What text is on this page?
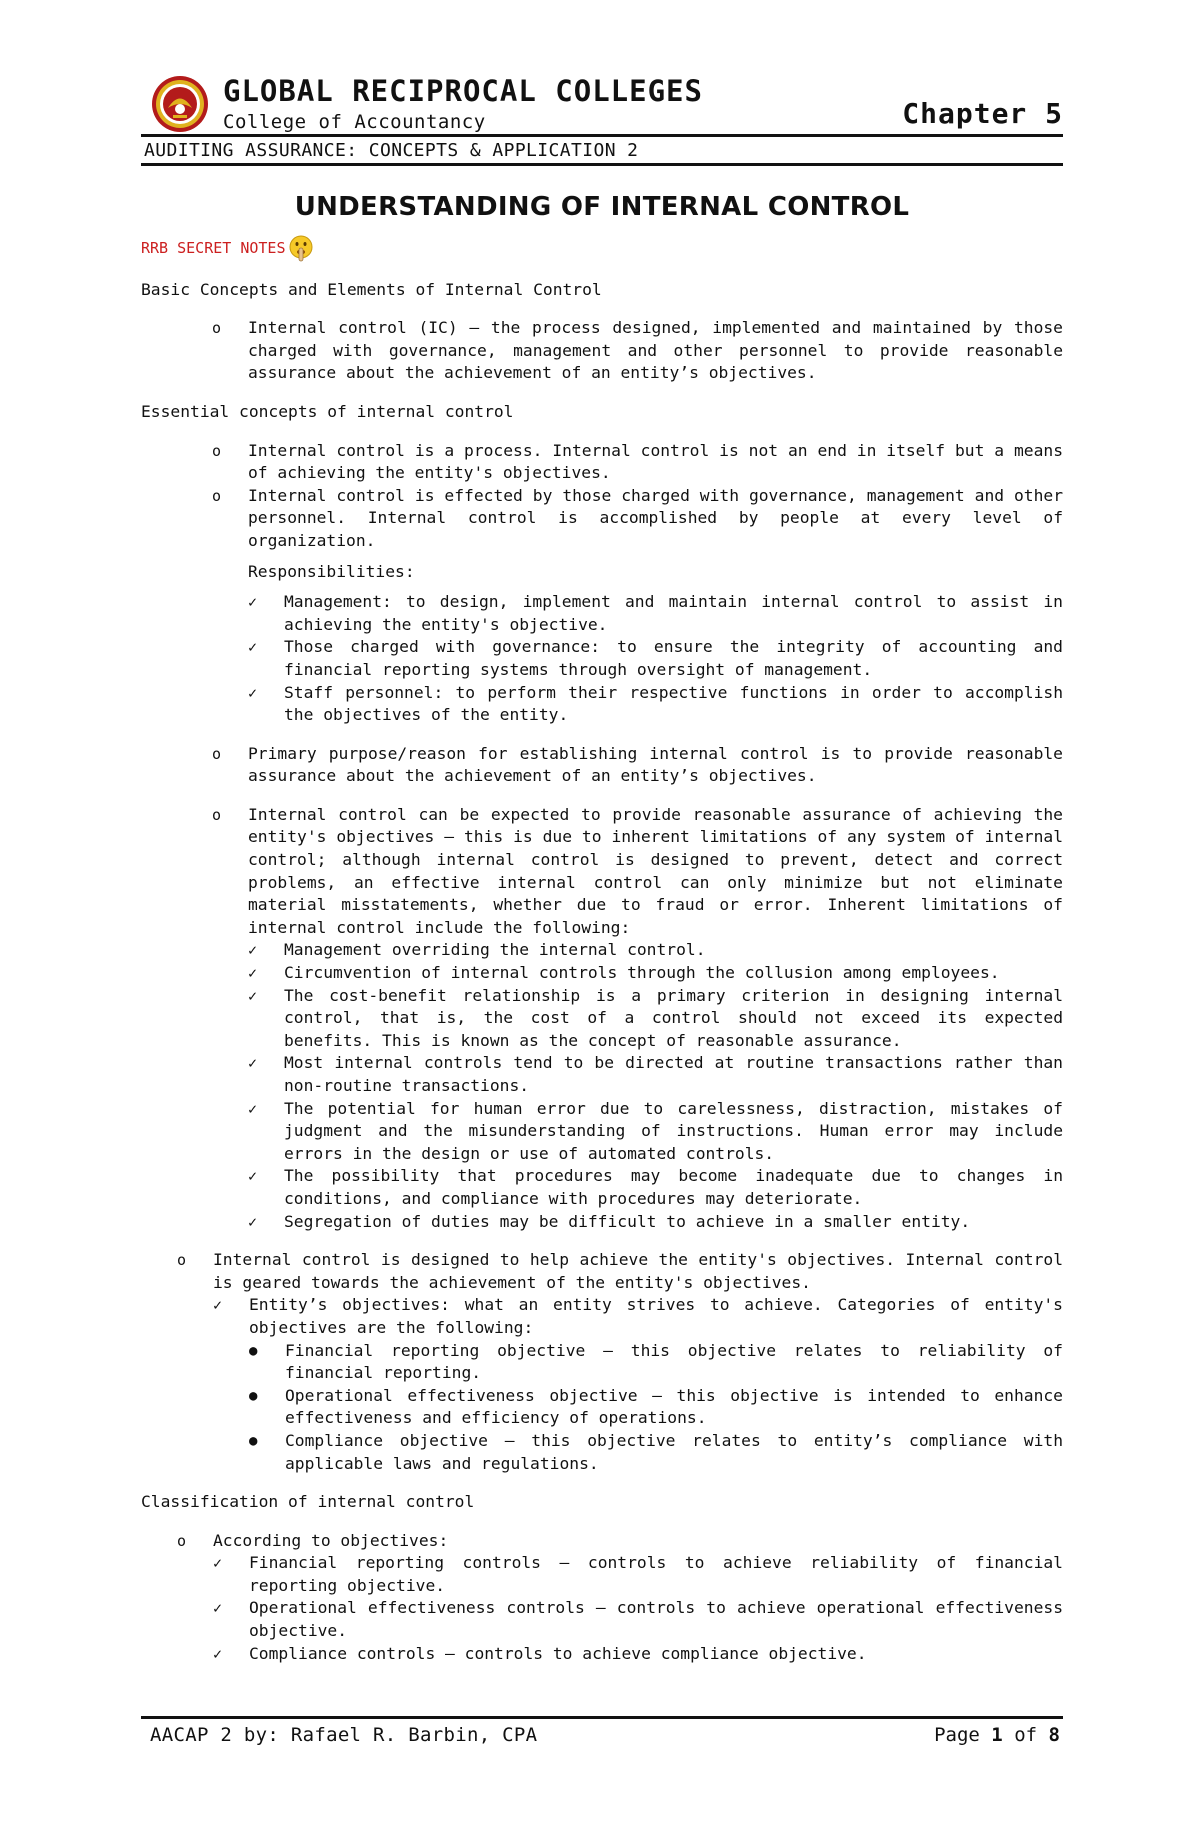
GLOBAL RECIPROCAL COLLEGES
College of Accountancy	Chapter 5
AUDITING ASSURANCE: CONCEPTS & APPLICATION 2
UNDERSTANDING OF INTERNAL CONTROL
RRB SECRET NOTES
Basic Concepts and Elements of Internal Control
o Internal control (IC) – the process designed, implemented and maintained by those charged with governance, management and other personnel to provide reasonable assurance about the achievement of an entity’s objectives.
Essential concepts of internal control
o Internal control is a process. Internal control is not an end in itself but a means of achieving the entity's objectives.
o Internal control is effected by those charged with governance, management and other personnel. Internal control is accomplished by people at every level of organization.
Responsibilities:
✓ Management: to design, implement and maintain internal control to assist in achieving the entity's objective.
✓ Those charged with governance: to ensure the integrity of accounting and financial reporting systems through oversight of management.
✓ Staff personnel: to perform their respective functions in order to accomplish the objectives of the entity.
o Primary purpose/reason for establishing internal control is to provide reasonable assurance about the achievement of an entity’s objectives.
o Internal control can be expected to provide reasonable assurance of achieving the entity's objectives – this is due to inherent limitations of any system of internal control; although internal control is designed to prevent, detect and correct problems, an effective internal control can only minimize but not eliminate material misstatements, whether due to fraud or error. Inherent limitations of internal control include the following:
✓ Management overriding the internal control.
✓ Circumvention of internal controls through the collusion among employees.
✓ The cost-benefit relationship is a primary criterion in designing internal control, that is, the cost of a control should not exceed its expected benefits. This is known as the concept of reasonable assurance.
✓ Most internal controls tend to be directed at routine transactions rather than non-routine transactions.
✓ The potential for human error due to carelessness, distraction, mistakes of judgment and the misunderstanding of instructions. Human error may include errors in the design or use of automated controls.
✓ The possibility that procedures may become inadequate due to changes in conditions, and compliance with procedures may deteriorate.
✓ Segregation of duties may be difficult to achieve in a smaller entity.
o Internal control is designed to help achieve the entity's objectives. Internal control is geared towards the achievement of the entity's objectives.
✓ Entity’s objectives: what an entity strives to achieve. Categories of entity's objectives are the following:
● Financial reporting objective – this objective relates to reliability of financial reporting.
● Operational effectiveness objective – this objective is intended to enhance effectiveness and efficiency of operations.
● Compliance objective – this objective relates to entity’s compliance with applicable laws and regulations.
Classification of internal control
o According to objectives:
✓ Financial reporting controls – controls to achieve reliability of financial reporting objective.
✓ Operational effectiveness controls – controls to achieve operational effectiveness objective.
✓ Compliance controls – controls to achieve compliance objective.
AACAP 2 by: Rafael R. Barbin, CPA	Page 1 of 8
